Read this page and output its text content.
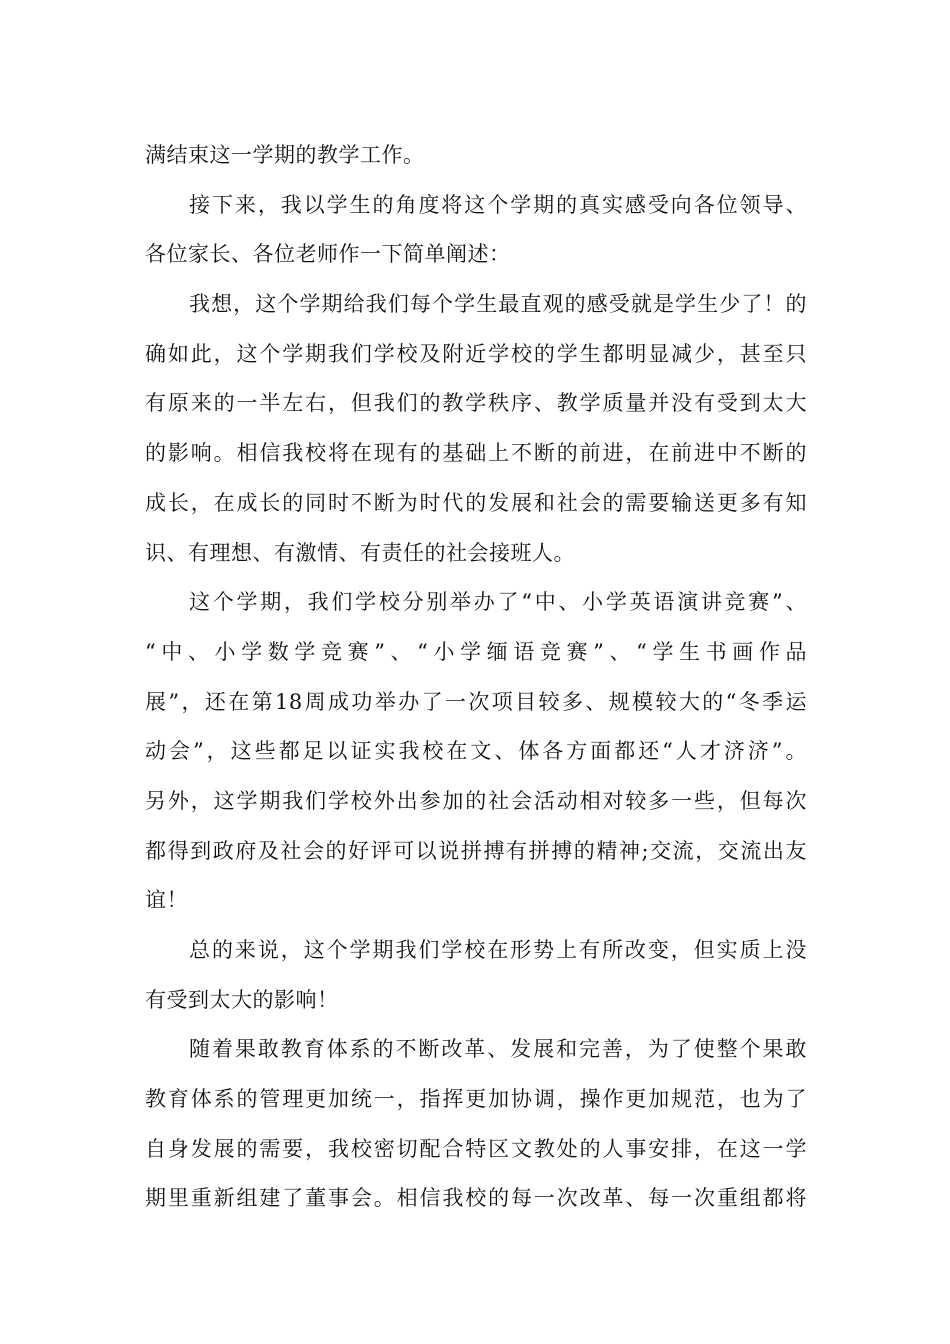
满结束这一学期的教学工作。
接下来，我以学生的角度将这个学期的真实感受向各位领导、
各位家长、各位老师作一下简单阐述：
我想，这个学期给我们每个学生最直观的感受就是学生少了！的
确如此，这个学期我们学校及附近学校的学生都明显减少，甚至只
有原来的一半左右，但我们的教学秩序、教学质量并没有受到太大
的影响。相信我校将在现有的基础上不断的前进，在前进中不断的
成长，在成长的同时不断为时代的发展和社会的需要输送更多有知
识、有理想、有激情、有责任的社会接班人。
这个学期，我们学校分别举办了“中、小学英语演讲竞赛”、
“中、小学数学竞赛”、“小学缅语竞赛”、“学生书画作品
展”，还在第18周成功举办了一次项目较多、规模较大的“冬季运
动会”，这些都足以证实我校在文、体各方面都还“人才济济”。
另外，这学期我们学校外出参加的社会活动相对较多一些，但每次
都得到政府及社会的好评可以说拼搏有拼搏的精神;交流，交流出友
谊！
总的来说，这个学期我们学校在形势上有所改变，但实质上没
有受到太大的影响！
随着果敢教育体系的不断改革、发展和完善，为了使整个果敢
教育体系的管理更加统一，指挥更加协调，操作更加规范，也为了
自身发展的需要，我校密切配合特区文教处的人事安排，在这一学
期里重新组建了董事会。相信我校的每一次改革、每一次重组都将
